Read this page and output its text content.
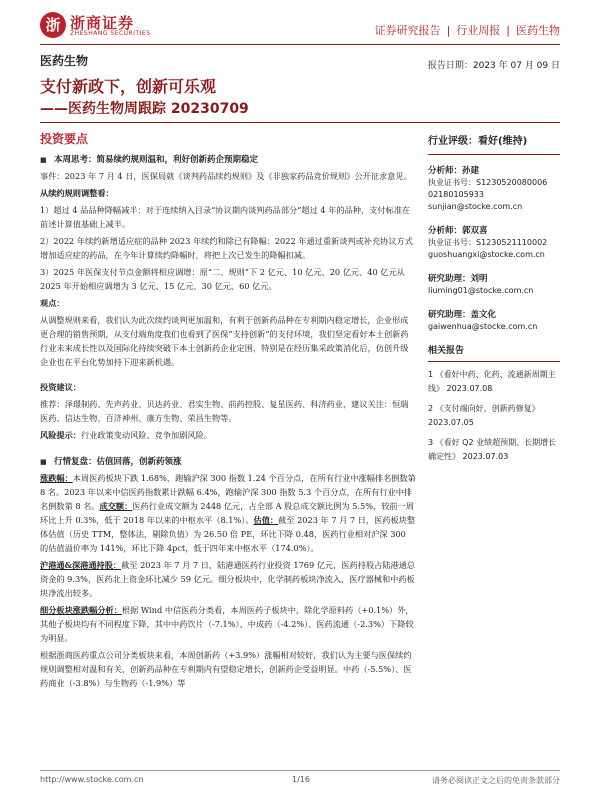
浙 浙商证券
ZHESHANG SECURITIES	证券研究报告 | 行业周报 | 医药生物
医药生物	报告日期：2023 年 07 月 09 日
支付新政下，创新可乐观
——医药生物周跟踪 20230709
投资要点
■ 本周思考：简易续约规则温和，利好创新药企预期稳定

事件：2023 年 7 月 4 日，医保局就《谈判药品续约规则》及《非独家药品竞价规则》公开征求意见。

从续约规则调整看：

1）超过 4 品品种降幅减半：对于连续纳入目录“协议期内谈判药品部分”超过 4 年的品种，支付标准在前述计算值基础上减半。

2）2022 年续约新增适应症的品种 2023 年续约和除已有降幅：2022 年通过重新谈判或补充协议方式增加适应症的药品，在今年计算续约降幅时，将把上次已发生的降幅扣减。

3）2025 年医保支付节点金额将相应调增：原“二、规则”下 2 亿元、10 亿元、20 亿元、40 亿元从 2025 年开始相应调增为 3 亿元、15 亿元、30 亿元、60 亿元。

观点：

从调整规则来看，我们认为此次续约谈判更加温和，有利于创新药品种在专利期内稳定增长，企业形成更合理的销售预期，从支付端角度我们也看到了医保“支持创新”的支付环境，我们坚定看好本土创新药行业未来成长性以及国际化持续突破下本土创新药企业定围，特别是在经历集采政策消化后，仿创升级企业也在平台化势加持下迎来新机遇。

投资建议：

推荐：泽璟制药、先声药业、贝达药业、君实生物、前药控股、复星医药、科济药业，建议关注：恒瑞医药、信达生物、百济神州、康方生物、荣昌生物等。

风险提示：行业政策变动风险、竞争加剧风险。

■ 行情复盘：估值回落，创新药领涨

涨跌幅：本周医药板块下跌 1.68%，跑输沪深 300 指数 1.24 个百分点，在所有行业中涨幅排名倒数第 8 名。2023 年以来中信医药指数累计跌幅 6.4%，跑输沪深 300 指数 5.3 个百分点，在所有行业中排名倒数第 8 名。成交额：医药行业成交额为 2448 亿元，占全部 A 股总成交额比例为 5.5%，较前一周环比上升 0.3%，低于 2018 年以来的中枢水平（8.1%）。估值：截至 2023 年 7 月 7 日，医药板块整体估值（历史 TTM，整体法，剔除负值）为 26.50 倍 PE，环比下降 0.48，医药行业相对沪深 300 的估值溢价率为 141%，环比下降 4pct，低于四年来中枢水平（174.0%）。

沪港通&深港通持股：截至 2023 年 7 月 7 日，陆港通医药行业投资 1769 亿元，医药持股占陆港通总资金的 9.3%，医药北上资金环比减少 59 亿元。细分板块中，化学制药板块净流入，医疗器械和中药板块净流出较多。

细分板块涨跌幅分析：根据 Wind 中信医药分类看，本周医药子板块中，除化学原料药（+0.1%）外，其他子板块均有不同程度下降，其中中药饮片（-7.1%）、中成药（-4.2%）、医药流通（-2.3%）下降较为明显。

根据浙商医药重点公司分类板块来看，本周创新药（+3.9%）涨幅相对较好，我们认为主要与医保续约规则调整相对温和有关，创新药品种在专利期内有望稳定增长，创新药企受益明显。中药（-5.5%）、医药商业（-3.8%）与生物药（-1.9%）等

行业评级：看好(维持)
分析师：孙建
执业证书号：S1230520080006
02180105933
sunjian@stocke.com.cn
分析师：郭双喜
执业证书号：S1230521110002
guoshuangxi@stocke.com.cn
研究助理：刘明
liuming01@stocke.com.cn
研究助理：盖文化
gaiwenhua@stocke.com.cn
相关报告
1 《看好中药、化药、流通新周期主线》 2023.07.08
2 《支付端向好，创新药修复》 2023.07.05
3 《看好 Q2 业绩超预期、长期增长确定性》 2023.07.03
http://www.stocke.com.cn	1/16	请务必阅读正文之后的免责条款部分
